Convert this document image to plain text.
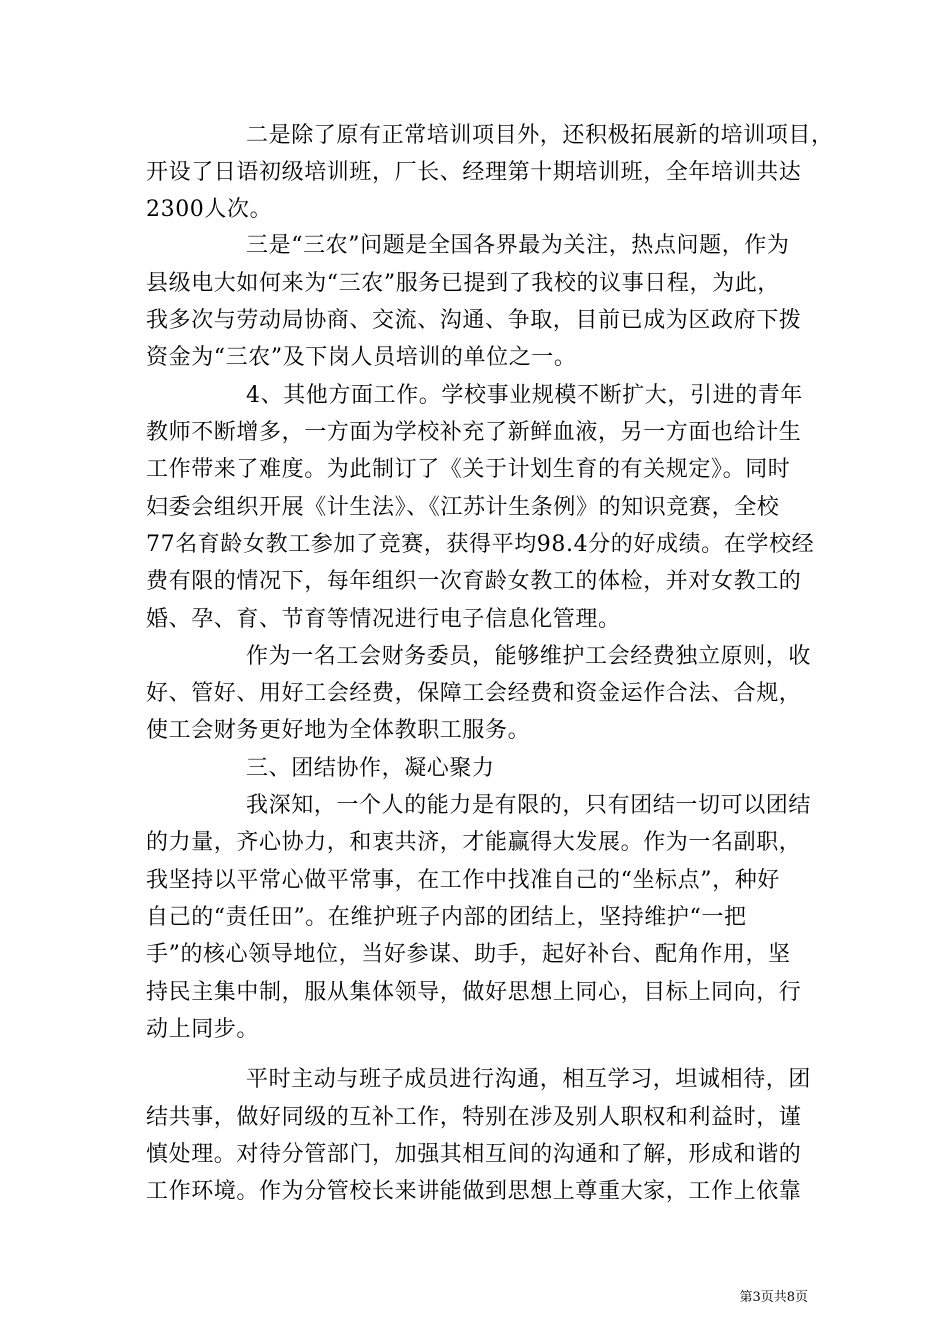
二是除了原有正常培训项目外，还积极拓展新的培训项目，
开设了日语初级培训班，厂长、经理第十期培训班，全年培训共达
2300人次。
三是“三农”问题是全国各界最为关注，热点问题，作为
县级电大如何来为“三农”服务已提到了我校的议事日程，为此，
我多次与劳动局协商、交流、沟通、争取，目前已成为区政府下拨
资金为“三农”及下岗人员培训的单位之一。
4、其他方面工作。学校事业规模不断扩大，引进的青年
教师不断增多，一方面为学校补充了新鲜血液，另一方面也给计生
工作带来了难度。为此制订了《关于计划生育的有关规定》。同时
妇委会组织开展《计生法》、《江苏计生条例》的知识竞赛，全校
77名育龄女教工参加了竞赛，获得平均98.4分的好成绩。在学校经
费有限的情况下，每年组织一次育龄女教工的体检，并对女教工的
婚、孕、育、节育等情况进行电子信息化管理。
作为一名工会财务委员，能够维护工会经费独立原则，收
好、管好、用好工会经费，保障工会经费和资金运作合法、合规，
使工会财务更好地为全体教职工服务。
三、团结协作，凝心聚力
我深知，一个人的能力是有限的，只有团结一切可以团结
的力量，齐心协力，和衷共济，才能赢得大发展。作为一名副职，
我坚持以平常心做平常事，在工作中找准自己的“坐标点”，种好
自己的“责任田”。在维护班子内部的团结上，坚持维护“一把
手”的核心领导地位，当好参谋、助手，起好补台、配角作用，坚
持民主集中制，服从集体领导，做好思想上同心，目标上同向，行
动上同步。
平时主动与班子成员进行沟通，相互学习，坦诚相待，团
结共事，做好同级的互补工作，特别在涉及别人职权和利益时，谨
慎处理。对待分管部门，加强其相互间的沟通和了解，形成和谐的
工作环境。作为分管校长来讲能做到思想上尊重大家，工作上依靠
第3页共8页
